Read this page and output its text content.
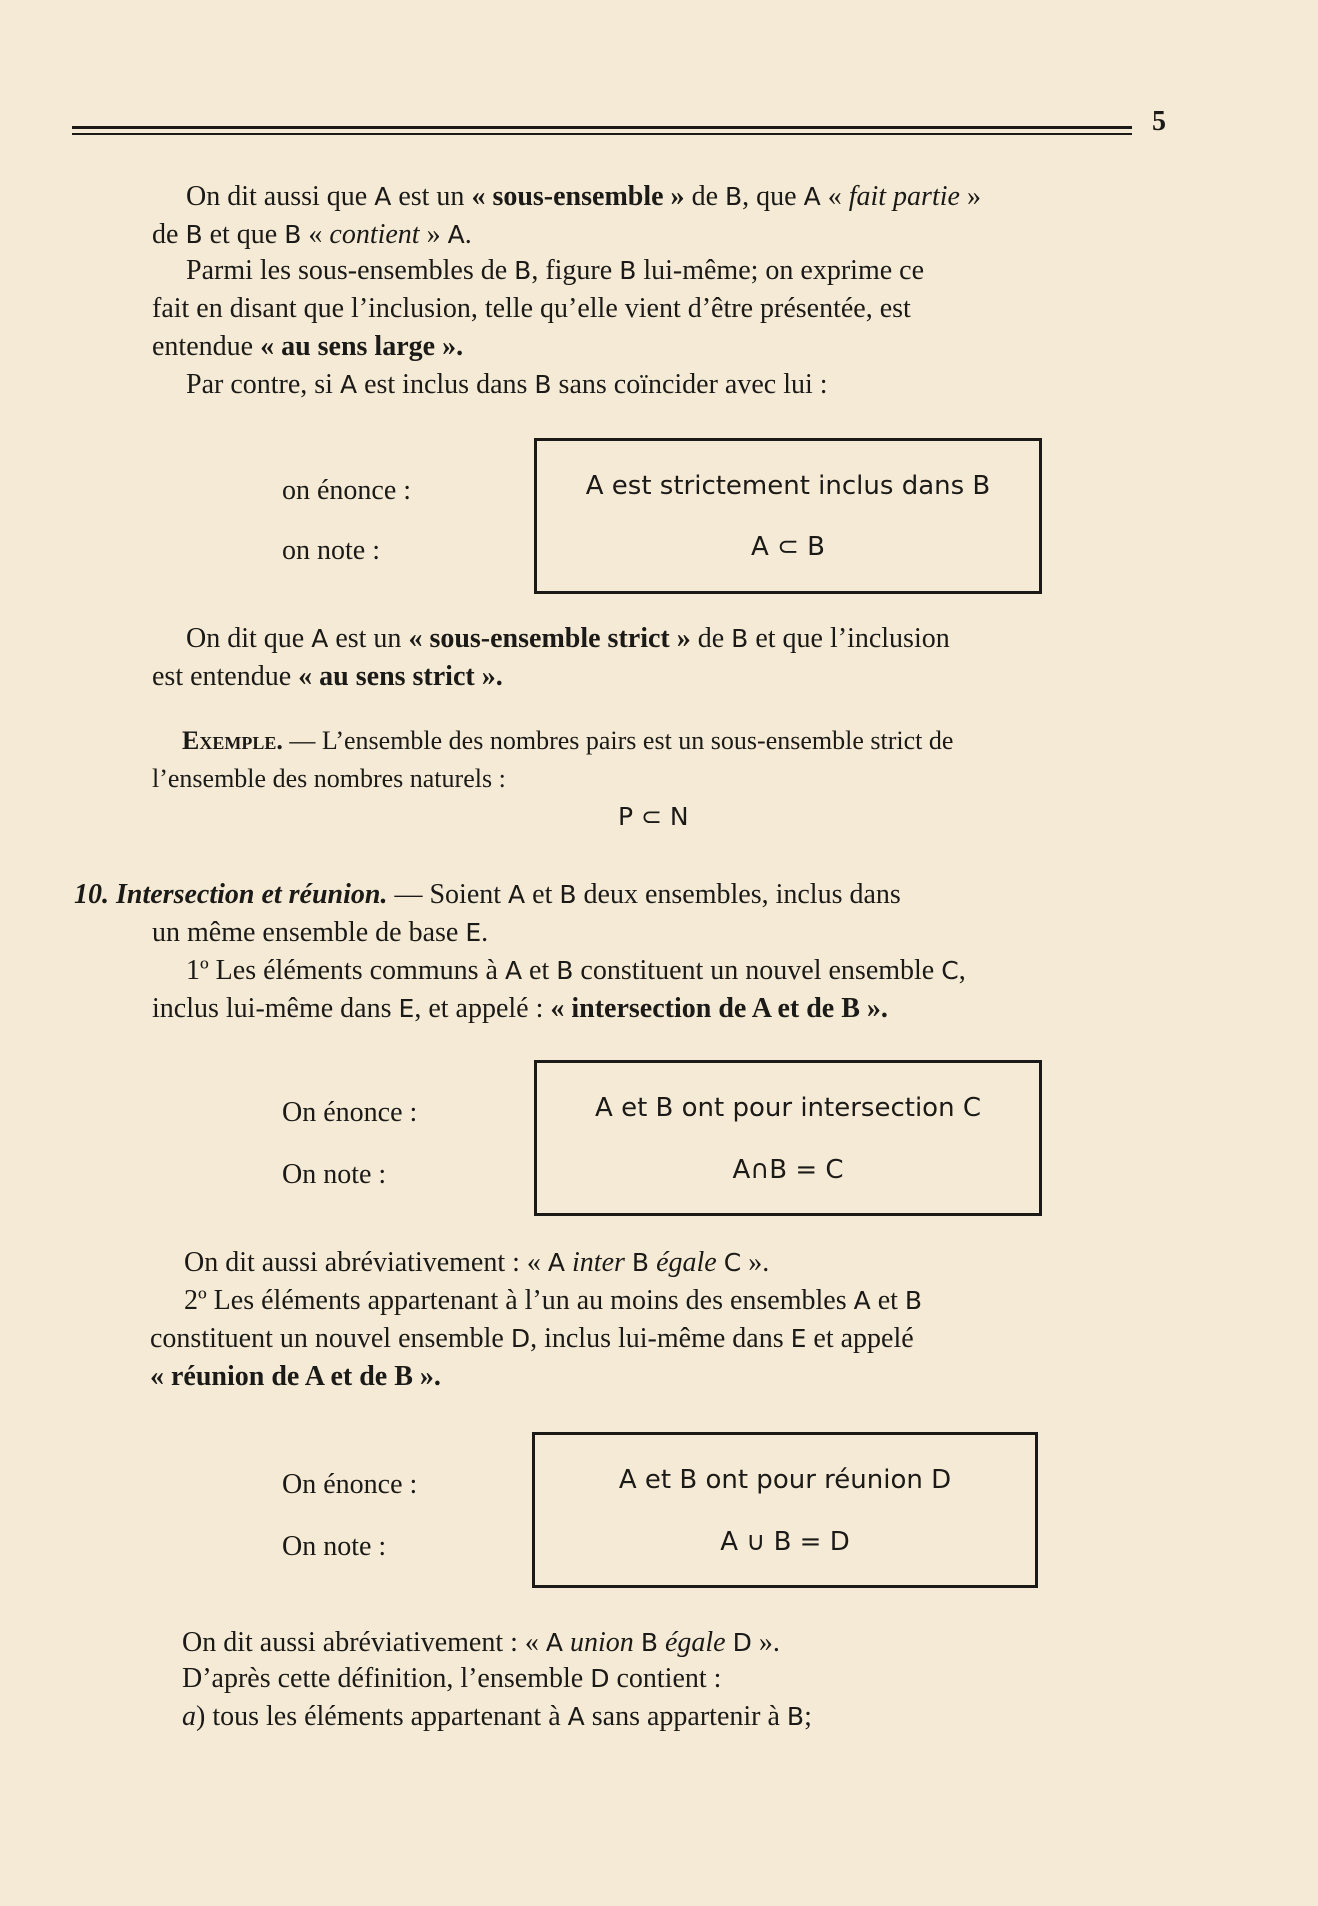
5
On dit aussi que A est un « sous-ensemble » de B, que A « fait partie »
de B et que B « contient » A.
Parmi les sous-ensembles de B, figure B lui-même; on exprime ce
fait en disant que l’inclusion, telle qu’elle vient d’être présentée, est
entendue « au sens large ».
Par contre, si A est inclus dans B sans coïncider avec lui :
on énonce :
on note :
A est strictement inclus dans B
A ⊂ B
On dit que A est un « sous-ensemble strict » de B et que l’inclusion
est entendue « au sens strict ».
Exemple. — L’ensemble des nombres pairs est un sous-ensemble strict de
l’ensemble des nombres naturels :
P ⊂ N
10. Intersection et réunion. — Soient A et B deux ensembles, inclus dans
un même ensemble de base E.
1º Les éléments communs à A et B constituent un nouvel ensemble C,
inclus lui-même dans E, et appelé : « intersection de A et de B ».
On énonce :
On note :
A et B ont pour intersection C
A∩B = C
On dit aussi abréviativement : « A inter B égale C ».
2º Les éléments appartenant à l’un au moins des ensembles A et B
constituent un nouvel ensemble D, inclus lui-même dans E et appelé
« réunion de A et de B ».
On énonce :
On note :
A et B ont pour réunion D
A ∪ B = D
On dit aussi abréviativement : « A union B égale D ».
D’après cette définition, l’ensemble D contient :
a) tous les éléments appartenant à A sans appartenir à B;
